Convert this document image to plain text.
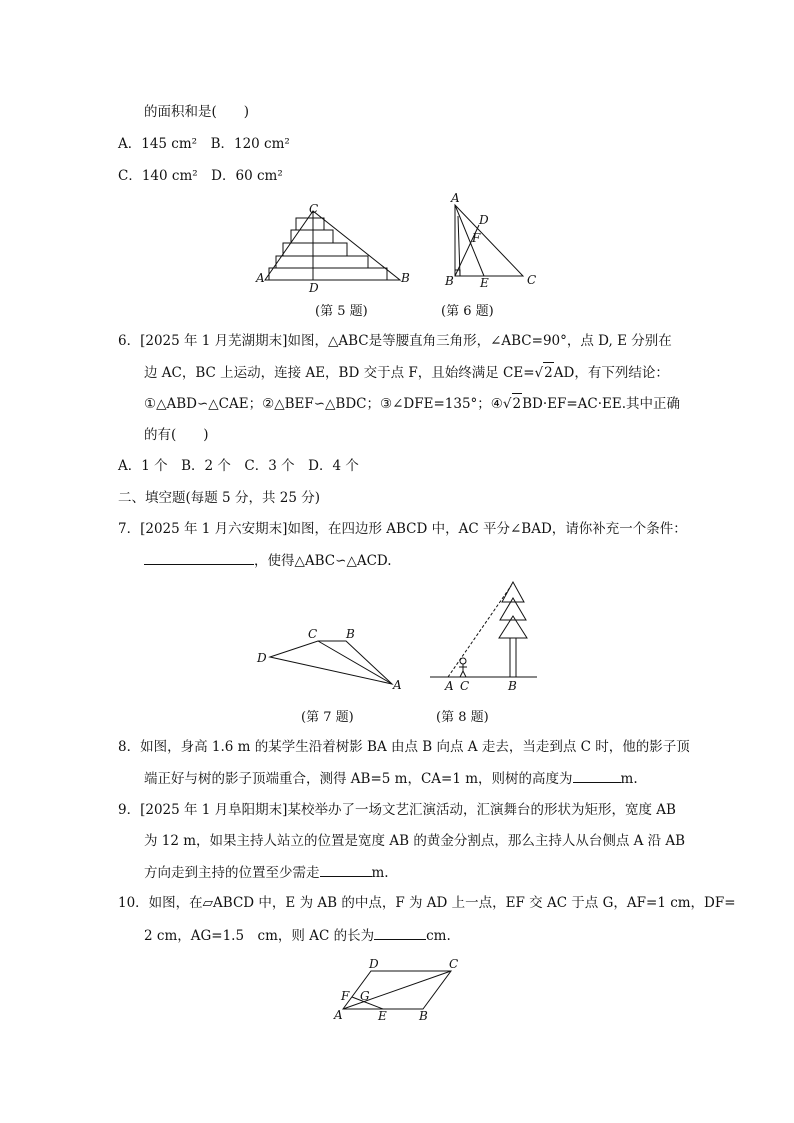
的面积和是(　　)
A．145 cm²　B．120 cm²
C．140 cm²　D．60 cm²
C
A
D
B
(第 5 题)
A
D
F
B E	C
(第 6 题)
6．[2025 年 1 月芜湖期末]如图，△ABC是等腰直角三角形，∠ABC=90°，点 D, E 分别在
边 AC，BC 上运动，连接 AE，BD 交于点 F，且始终满足 CE=√2AD，有下列结论：
①△ABD∽△CAE；②△BEF∽△BDC；③∠DFE=135°；④√2BD·EF=AC·EE.其中正确
的有(　　)
A．1 个　B．2 个　C．3 个　D．4 个
二、填空题(每题 5 分，共 25 分)
7．[2025 年 1 月六安期末]如图，在四边形 ABCD 中，AC 平分∠BAD，请你补充一个条件：
，使得△ABC∽△ACD.
C B
D
A
(第 7 题)
A C	B
(第 8 题)
8．如图，身高 1.6 m 的某学生沿着树影 BA 由点 B 向点 A 走去，当走到点 C 时，他的影子顶
端正好与树的影子顶端重合，测得 AB=5 m，CA=1 m，则树的高度为	m.
9．[2025 年 1 月阜阳期末]某校举办了一场文艺汇演活动，汇演舞台的形状为矩形，宽度 AB
为 12 m，如果主持人站立的位置是宽度 AB 的黄金分割点，那么主持人从台侧点 A 沿 AB
方向走到主持的位置至少需走	m.
10．如图，在▱ABCD 中，E 为 AB 的中点，F 为 AD 上一点，EF 交 AC 于点 G，AF=1 cm，DF=
2 cm，AG=1.5　cm，则 AC 的长为	cm.
D	C
F G
A	E	B
